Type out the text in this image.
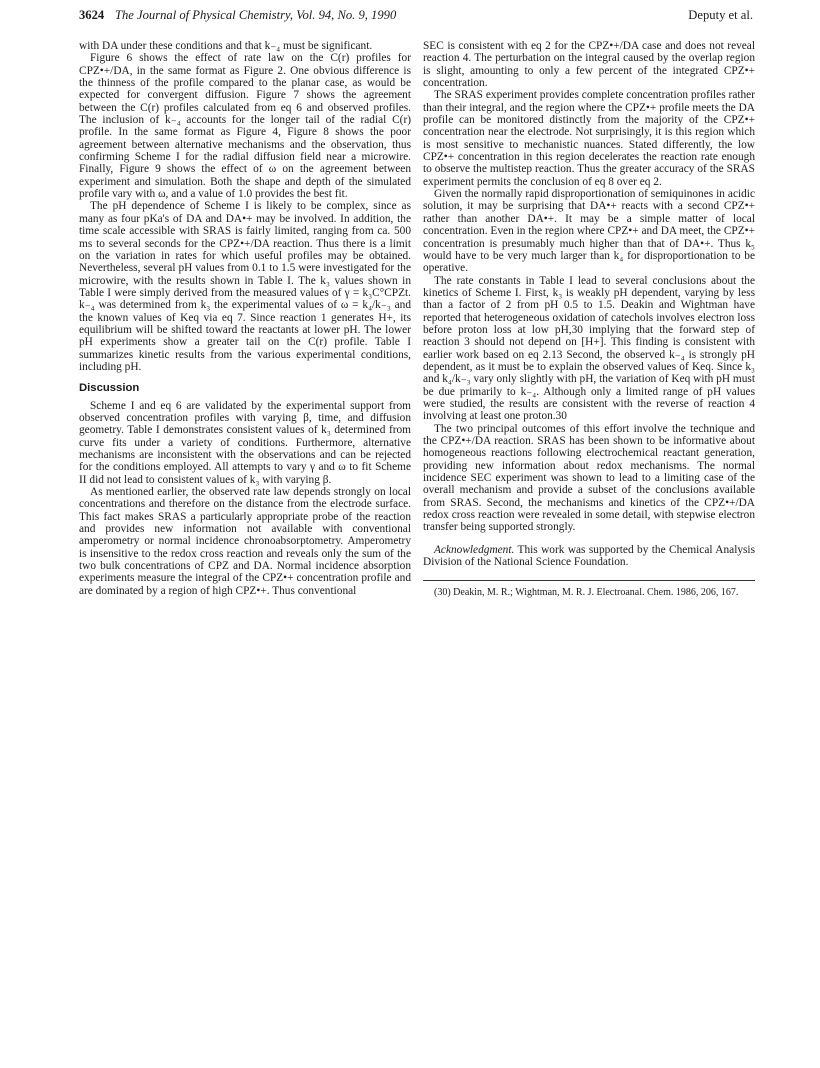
3624 The Journal of Physical Chemistry, Vol. 94, No. 9, 1990	Deputy et al.

with DA under these conditions and that k₋₄ must be significant.

Figure 6 shows the effect of rate law on the C(r) profiles for CPZ•+/DA, in the same format as Figure 2. One obvious difference is the thinness of the profile compared to the planar case, as would be expected for convergent diffusion. Figure 7 shows the agreement between the C(r) profiles calculated from eq 6 and observed profiles. The inclusion of k₋₄ accounts for the longer tail of the radial C(r) profile. In the same format as Figure 4, Figure 8 shows the poor agreement between alternative mechanisms and the observation, thus confirming Scheme I for the radial diffusion field near a microwire. Finally, Figure 9 shows the effect of ω on the agreement between experiment and simulation. Both the shape and depth of the simulated profile vary with ω, and a value of 1.0 provides the best fit.

The pH dependence of Scheme I is likely to be complex, since as many as four pKa's of DA and DA•+ may be involved. In addition, the time scale accessible with SRAS is fairly limited, ranging from ca. 500 ms to several seconds for the CPZ•+/DA reaction. Thus there is a limit on the variation in rates for which useful profiles may be obtained. Nevertheless, several pH values from 0.1 to 1.5 were investigated for the microwire, with the results shown in Table I. The k₃ values shown in Table I were simply derived from the measured values of γ = k₃C°CPZt. k₋₄ was determined from k₃ the experimental values of ω = k₄/k₋₃ and the known values of Keq via eq 7. Since reaction 1 generates H+, its equilibrium will be shifted toward the reactants at lower pH. The lower pH experiments show a greater tail on the C(r) profile. Table I summarizes kinetic results from the various experimental conditions, including pH.

Discussion

Scheme I and eq 6 are validated by the experimental support from observed concentration profiles with varying β, time, and diffusion geometry. Table I demonstrates consistent values of k₃ determined from curve fits under a variety of conditions. Furthermore, alternative mechanisms are inconsistent with the observations and can be rejected for the conditions employed. All attempts to vary γ and ω to fit Scheme II did not lead to consistent values of k₃ with varying β.

As mentioned earlier, the observed rate law depends strongly on local concentrations and therefore on the distance from the electrode surface. This fact makes SRAS a particularly appropriate probe of the reaction and provides new information not available with conventional amperometry or normal incidence chronoabsorptometry. Amperometry is insensitive to the redox cross reaction and reveals only the sum of the two bulk concentrations of CPZ and DA. Normal incidence absorption experiments measure the integral of the CPZ•+ concentration profile and are dominated by a region of high CPZ•+. Thus conventional

SEC is consistent with eq 2 for the CPZ•+/DA case and does not reveal reaction 4. The perturbation on the integral caused by the overlap region is slight, amounting to only a few percent of the integrated CPZ•+ concentration.

The SRAS experiment provides complete concentration profiles rather than their integral, and the region where the CPZ•+ profile meets the DA profile can be monitored distinctly from the majority of the CPZ•+ concentration near the electrode. Not surprisingly, it is this region which is most sensitive to mechanistic nuances. Stated differently, the low CPZ•+ concentration in this region decelerates the reaction rate enough to observe the multistep reaction. Thus the greater accuracy of the SRAS experiment permits the conclusion of eq 8 over eq 2.

Given the normally rapid disproportionation of semiquinones in acidic solution, it may be surprising that DA•+ reacts with a second CPZ•+ rather than another DA•+. It may be a simple matter of local concentration. Even in the region where CPZ•+ and DA meet, the CPZ•+ concentration is presumably much higher than that of DA•+. Thus k₅ would have to be very much larger than k₄ for disproportionation to be operative.

The rate constants in Table I lead to several conclusions about the kinetics of Scheme I. First, k₃ is weakly pH dependent, varying by less than a factor of 2 from pH 0.5 to 1.5. Deakin and Wightman have reported that heterogeneous oxidation of catechols involves electron loss before proton loss at low pH,30 implying that the forward step of reaction 3 should not depend on [H+]. This finding is consistent with earlier work based on eq 2.13 Second, the observed k₋₄ is strongly pH dependent, as it must be to explain the observed values of Keq. Since k₃ and k₄/k₋₃ vary only slightly with pH, the variation of Keq with pH must be due primarily to k₋₄. Although only a limited range of pH values were studied, the results are consistent with the reverse of reaction 4 involving at least one proton.30

The two principal outcomes of this effort involve the technique and the CPZ•+/DA reaction. SRAS has been shown to be informative about homogeneous reactions following electrochemical reactant generation, providing new information about redox mechanisms. The normal incidence SEC experiment was shown to lead to a limiting case of the overall mechanism and provide a subset of the conclusions available from SRAS. Second, the mechanisms and kinetics of the CPZ•+/DA redox cross reaction were revealed in some detail, with stepwise electron transfer being supported strongly.

Acknowledgment. This work was supported by the Chemical Analysis Division of the National Science Foundation.

(30) Deakin, M. R.; Wightman, M. R. J. Electroanal. Chem. 1986, 206, 167.
